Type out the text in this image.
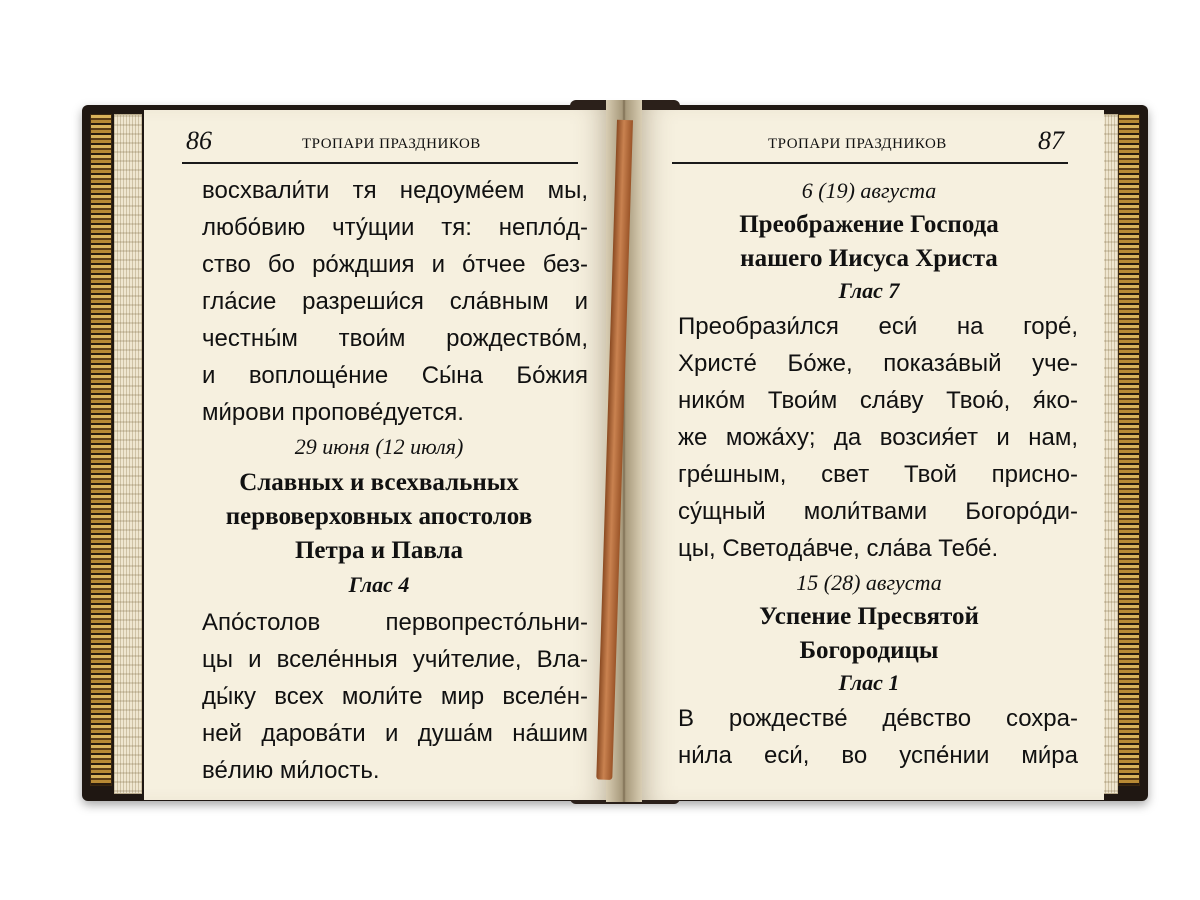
86	ТРОПАРИ ПРАЗДНИКОВ
восхвали́ти тя недоуме́ем мы,
любо́вию чту́щии тя: непло́д-
ство бо ро́ждшия и о́тчее без-
гла́сие разреши́ся сла́вным и
честны́м твои́м рождество́м,
и воплоще́ние Сы́на Бо́жия
ми́рови пропове́дуется.
29 июня (12 июля)
Славных и всехвальных
первоверховных апостолов
Петра и Павла
Глас 4
Апо́столов первопресто́льни-
цы и вселе́нныя учи́телие, Вла-
ды́ку всех моли́те мир вселе́н-
ней дарова́ти и душа́м на́шим
ве́лию ми́лость.
ТРОПАРИ ПРАЗДНИКОВ	87
6 (19) августа
Преображение Господа
нашего Иисуса Христа
Глас 7
Преобрази́лся еси́ на горе́,
Христе́ Бо́же, показа́вый уче-
нико́м Твои́м сла́ву Твою́, я́ко-
же можа́ху; да возсия́ет и нам,
гре́шным, свет Твой присно-
су́щный моли́твами Богоро́ди-
цы, Светода́вче, сла́ва Тебе́.
15 (28) августа
Успение Пресвятой
Богородицы
Глас 1
В рождестве́ де́вство сохра-
ни́ла еси́, во успе́нии ми́ра
